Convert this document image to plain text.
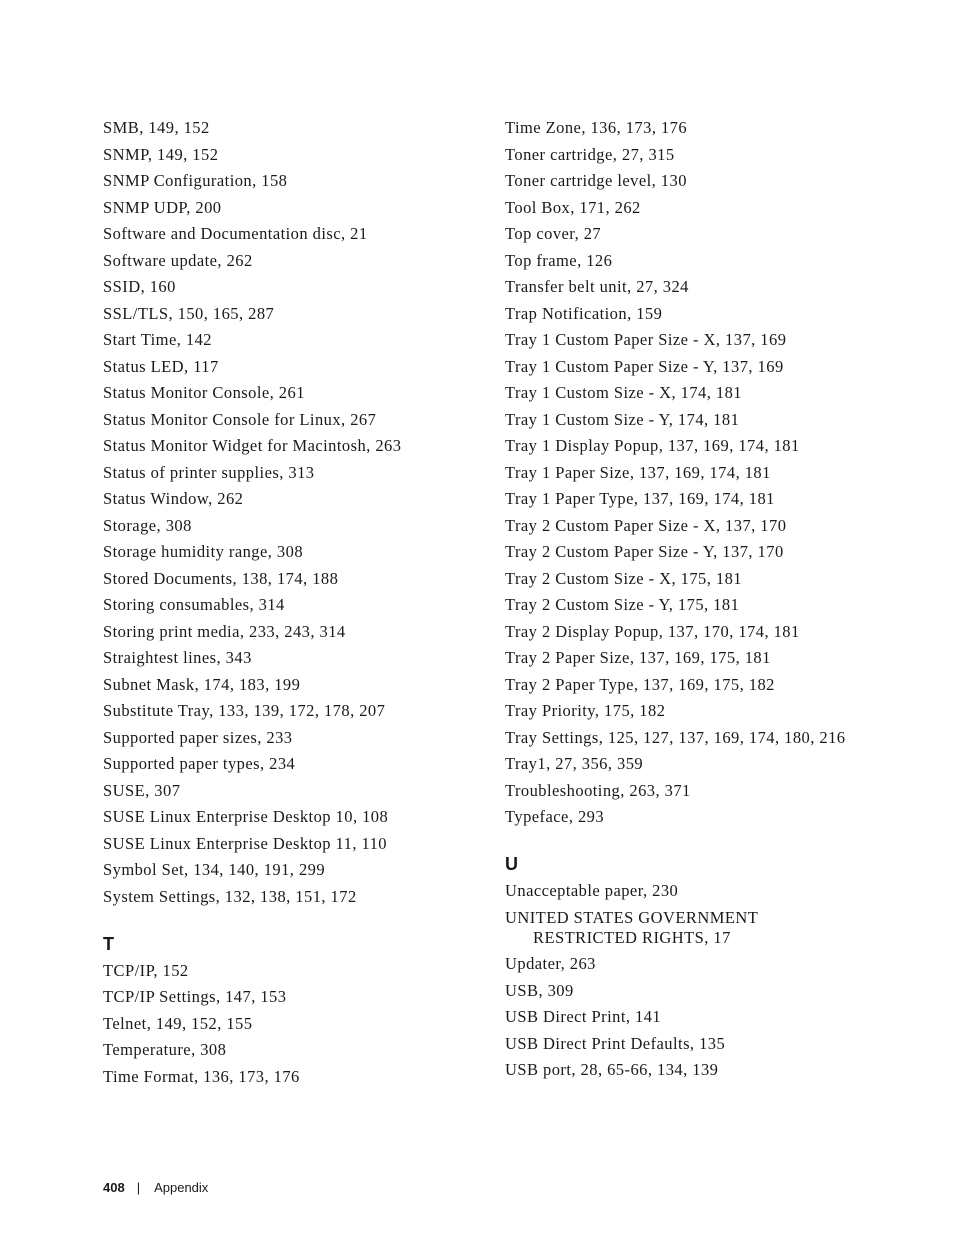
SMB, 149, 152
SNMP, 149, 152
SNMP Configuration, 158
SNMP UDP, 200
Software and Documentation disc, 21
Software update, 262
SSID, 160
SSL/TLS, 150, 165, 287
Start Time, 142
Status LED, 117
Status Monitor Console, 261
Status Monitor Console for Linux, 267
Status Monitor Widget for Macintosh, 263
Status of printer supplies, 313
Status Window, 262
Storage, 308
Storage humidity range, 308
Stored Documents, 138, 174, 188
Storing consumables, 314
Storing print media, 233, 243, 314
Straightest lines, 343
Subnet Mask, 174, 183, 199
Substitute Tray, 133, 139, 172, 178, 207
Supported paper sizes, 233
Supported paper types, 234
SUSE, 307
SUSE Linux Enterprise Desktop 10, 108
SUSE Linux Enterprise Desktop 11, 110
Symbol Set, 134, 140, 191, 299
System Settings, 132, 138, 151, 172
T
TCP/IP, 152
TCP/IP Settings, 147, 153
Telnet, 149, 152, 155
Temperature, 308
Time Format, 136, 173, 176
Time Zone, 136, 173, 176
Toner cartridge, 27, 315
Toner cartridge level, 130
Tool Box, 171, 262
Top cover, 27
Top frame, 126
Transfer belt unit, 27, 324
Trap Notification, 159
Tray 1 Custom Paper Size - X, 137, 169
Tray 1 Custom Paper Size - Y, 137, 169
Tray 1 Custom Size - X, 174, 181
Tray 1 Custom Size - Y, 174, 181
Tray 1 Display Popup, 137, 169, 174, 181
Tray 1 Paper Size, 137, 169, 174, 181
Tray 1 Paper Type, 137, 169, 174, 181
Tray 2 Custom Paper Size - X, 137, 170
Tray 2 Custom Paper Size - Y, 137, 170
Tray 2 Custom Size - X, 175, 181
Tray 2 Custom Size - Y, 175, 181
Tray 2 Display Popup, 137, 170, 174, 181
Tray 2 Paper Size, 137, 169, 175, 181
Tray 2 Paper Type, 137, 169, 175, 182
Tray Priority, 175, 182
Tray Settings, 125, 127, 137, 169, 174, 180, 216
Tray1, 27, 356, 359
Troubleshooting, 263, 371
Typeface, 293
U
Unacceptable paper, 230
UNITED STATES GOVERNMENT
RESTRICTED RIGHTS, 17
Updater, 263
USB, 309
USB Direct Print, 141
USB Direct Print Defaults, 135
USB port, 28, 65-66, 134, 139
408 | Appendix
